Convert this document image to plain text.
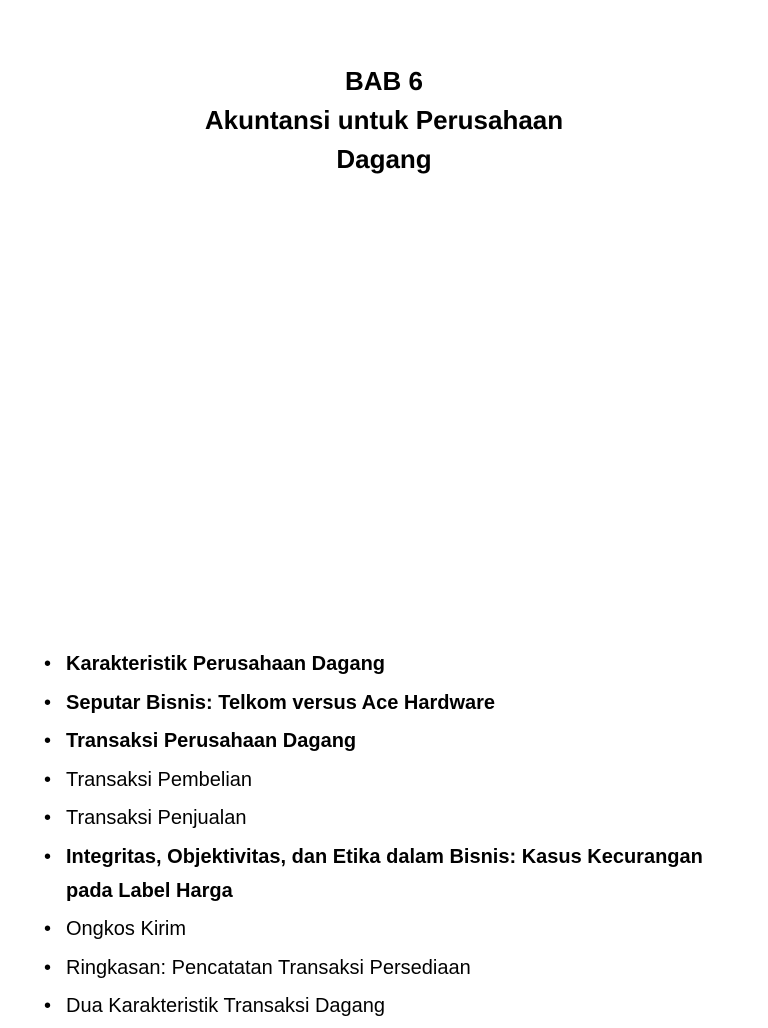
BAB 6
Akuntansi untuk Perusahaan
Dagang
• Karakteristik Perusahaan Dagang
• Seputar Bisnis: Telkom versus Ace Hardware
• Transaksi Perusahaan Dagang
• Transaksi Pembelian
• Transaksi Penjualan
• Integritas, Objektivitas, dan Etika dalam Bisnis: Kasus Kecurangan pada Label Harga
• Ongkos Kirim
• Ringkasan: Pencatatan Transaksi Persediaan
• Dua Karakteristik Transaksi Dagang
